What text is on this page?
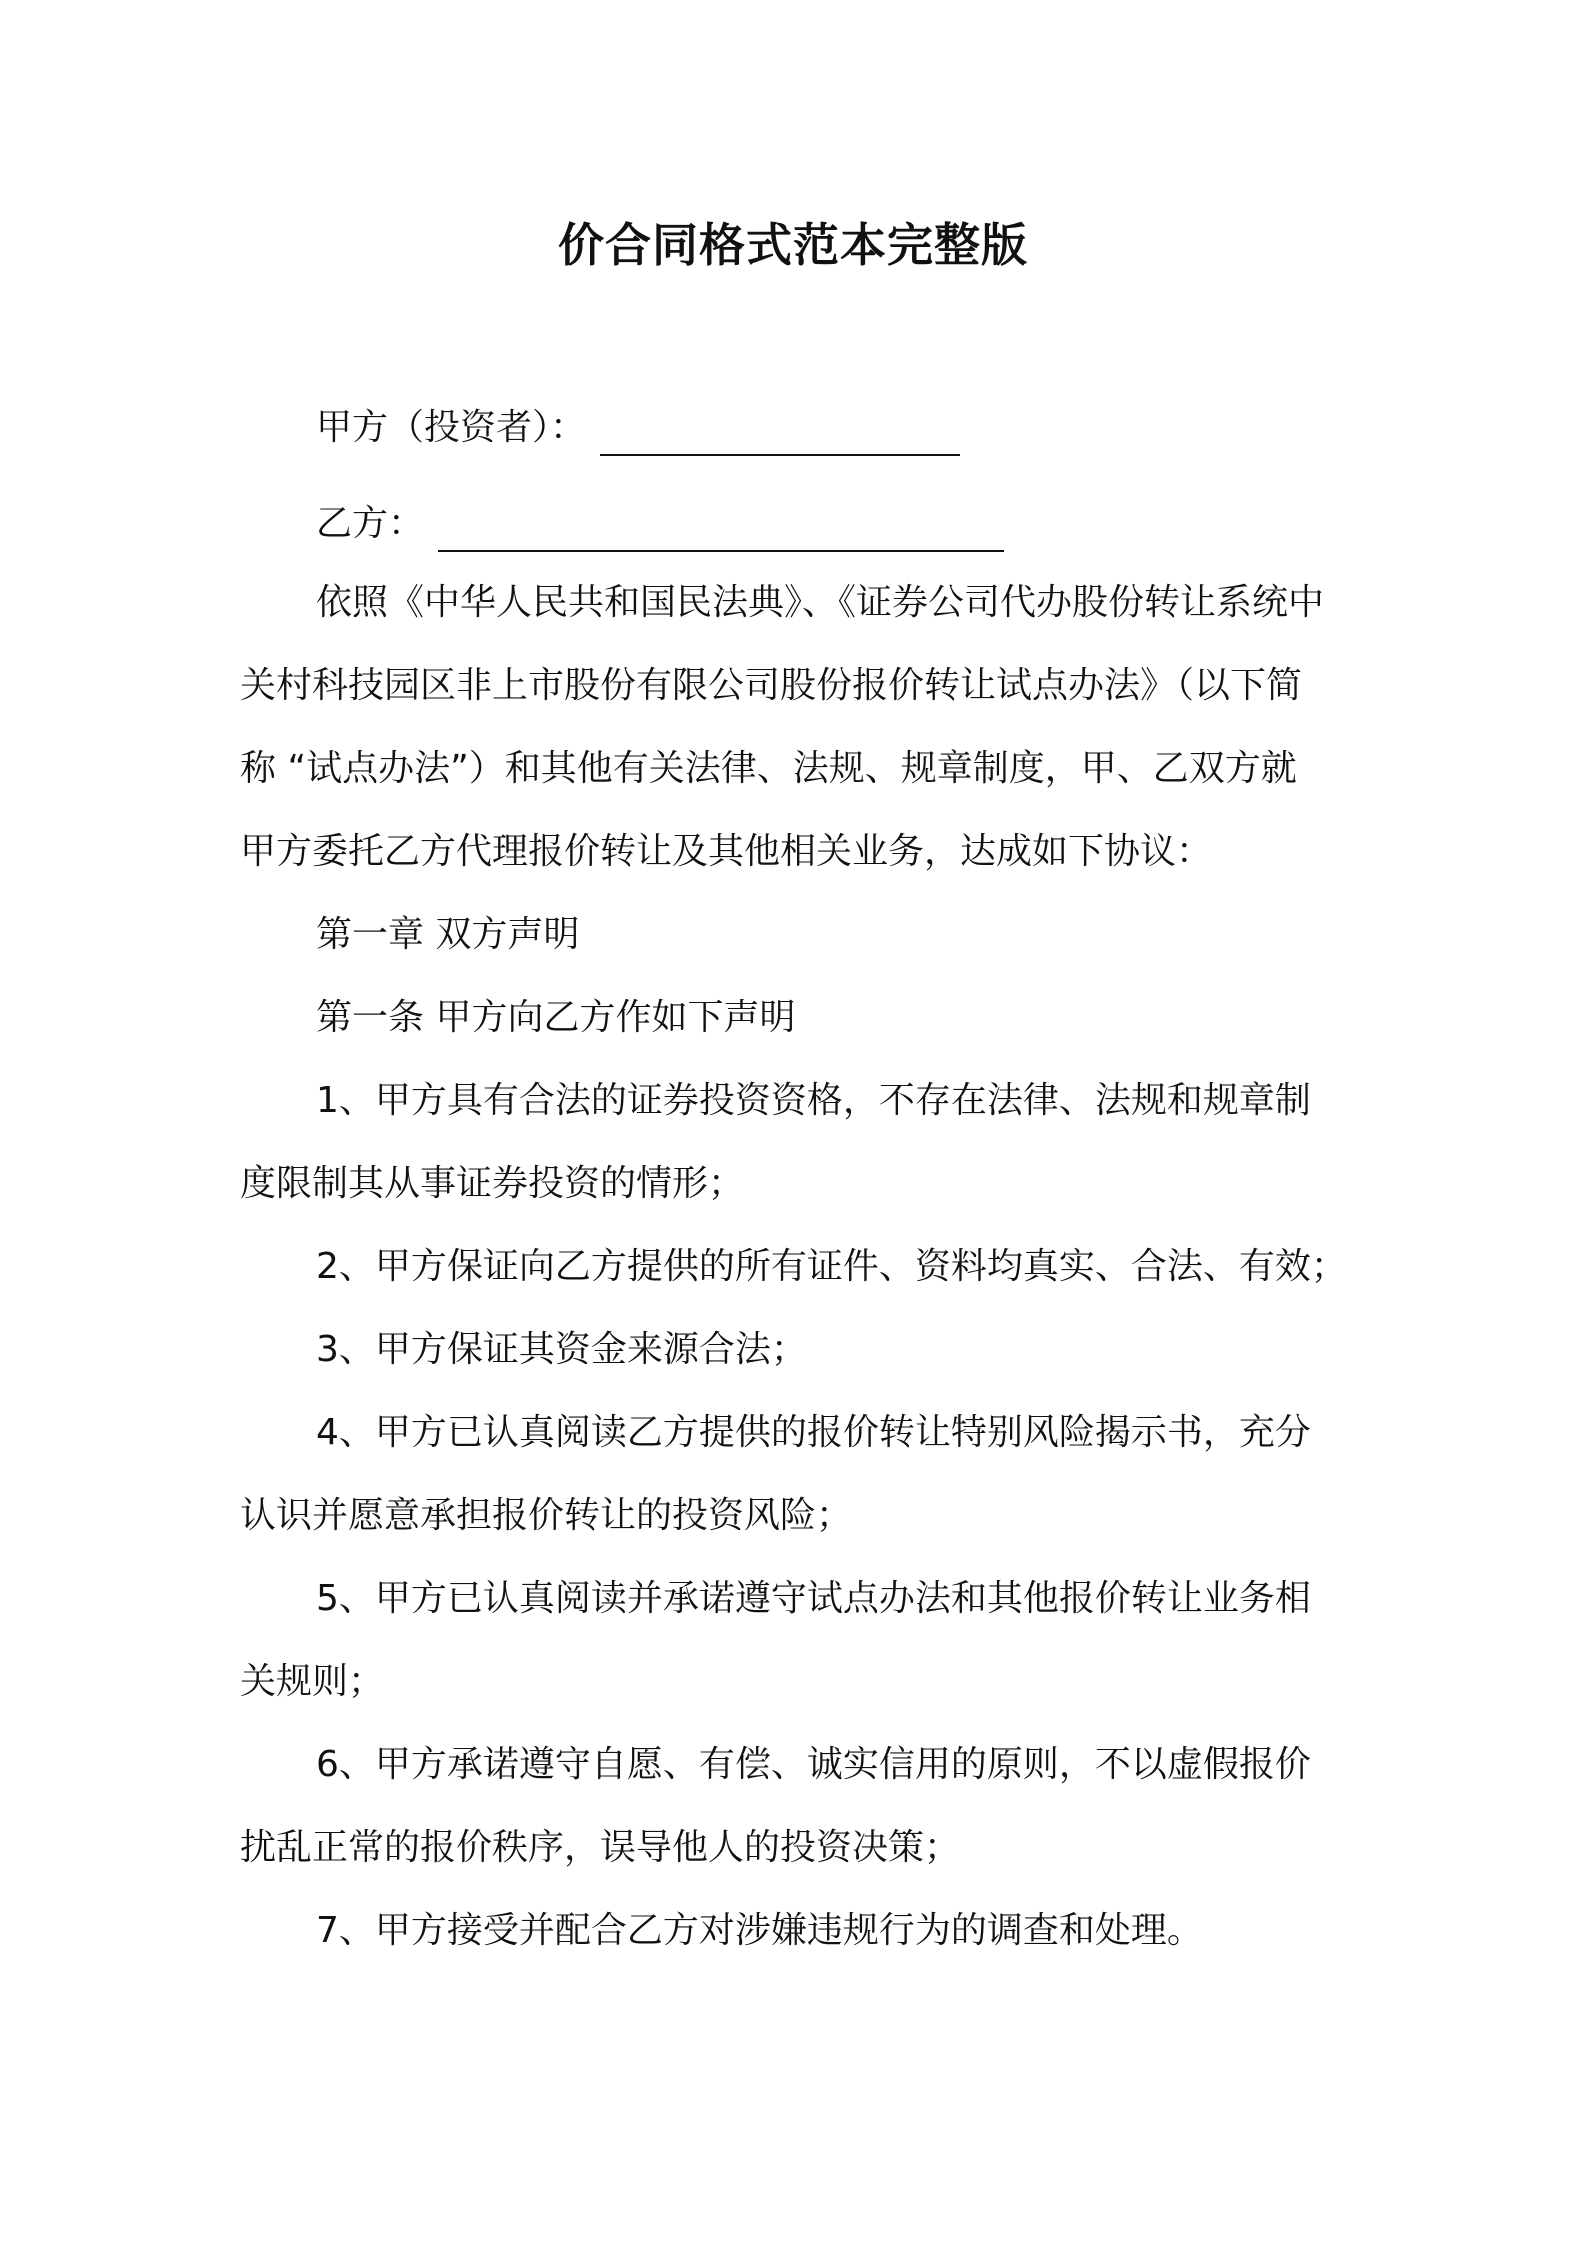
价合同格式范本完整版
甲方（投资者）：
乙方：
依照《中华人民共和国民法典》、《证券公司代办股份转让系统中
关村科技园区非上市股份有限公司股份报价转让试点办法》（以下简
称 “试点办法”）和其他有关法律、法规、规章制度，甲、乙双方就
甲方委托乙方代理报价转让及其他相关业务，达成如下协议：
第一章 双方声明
第一条 甲方向乙方作如下声明
1、甲方具有合法的证券投资资格，不存在法律、法规和规章制
度限制其从事证券投资的情形；
2、甲方保证向乙方提供的所有证件、资料均真实、合法、有效；
3、甲方保证其资金来源合法；
4、甲方已认真阅读乙方提供的报价转让特别风险揭示书，充分
认识并愿意承担报价转让的投资风险；
5、甲方已认真阅读并承诺遵守试点办法和其他报价转让业务相
关规则；
6、甲方承诺遵守自愿、有偿、诚实信用的原则，不以虚假报价
扰乱正常的报价秩序，误导他人的投资决策；
7、甲方接受并配合乙方对涉嫌违规行为的调查和处理。
